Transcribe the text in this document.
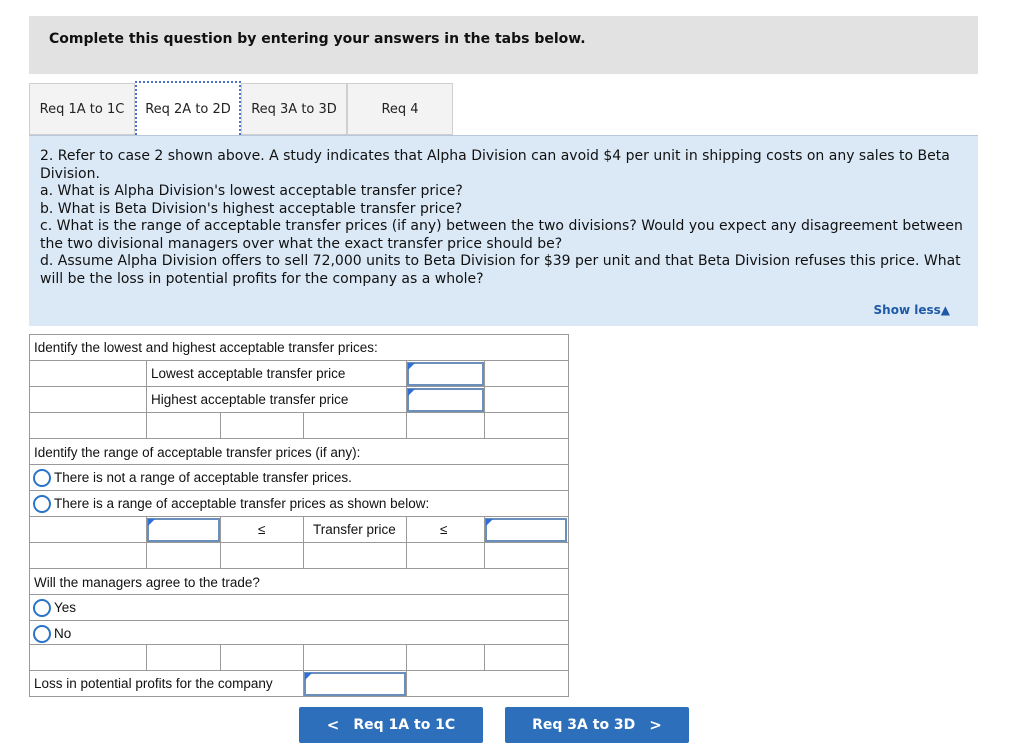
Complete this question by entering your answers in the tabs below.
Req 1A to 1C	Req 2A to 2D	Req 3A to 3D	Req 4

2. Refer to case 2 shown above. A study indicates that Alpha Division can avoid $4 per unit in shipping costs on any sales to Beta Division.

a. What is Alpha Division's lowest acceptable transfer price?

b. What is Beta Division's highest acceptable transfer price?

c. What is the range of acceptable transfer prices (if any) between the two divisions? Would you expect any disagreement between the two divisional managers over what the exact transfer price should be?

d. Assume Alpha Division offers to sell 72,000 units to Beta Division for $39 per unit and that Beta Division refuses this price. What will be the loss in potential profits for the company as a whole?

Show less▲
Identify the lowest and highest acceptable transfer prices:
Lowest acceptable transfer price
Highest acceptable transfer price
Identify the range of acceptable transfer prices (if any):
There is not a range of acceptable transfer prices.
There is a range of acceptable transfer prices as shown below:
≤	Transfer price	≤
Will the managers agree to the trade?
Yes
No
Loss in potential profits for the company
< Req 1A to 1C	Req 3A to 3D >
